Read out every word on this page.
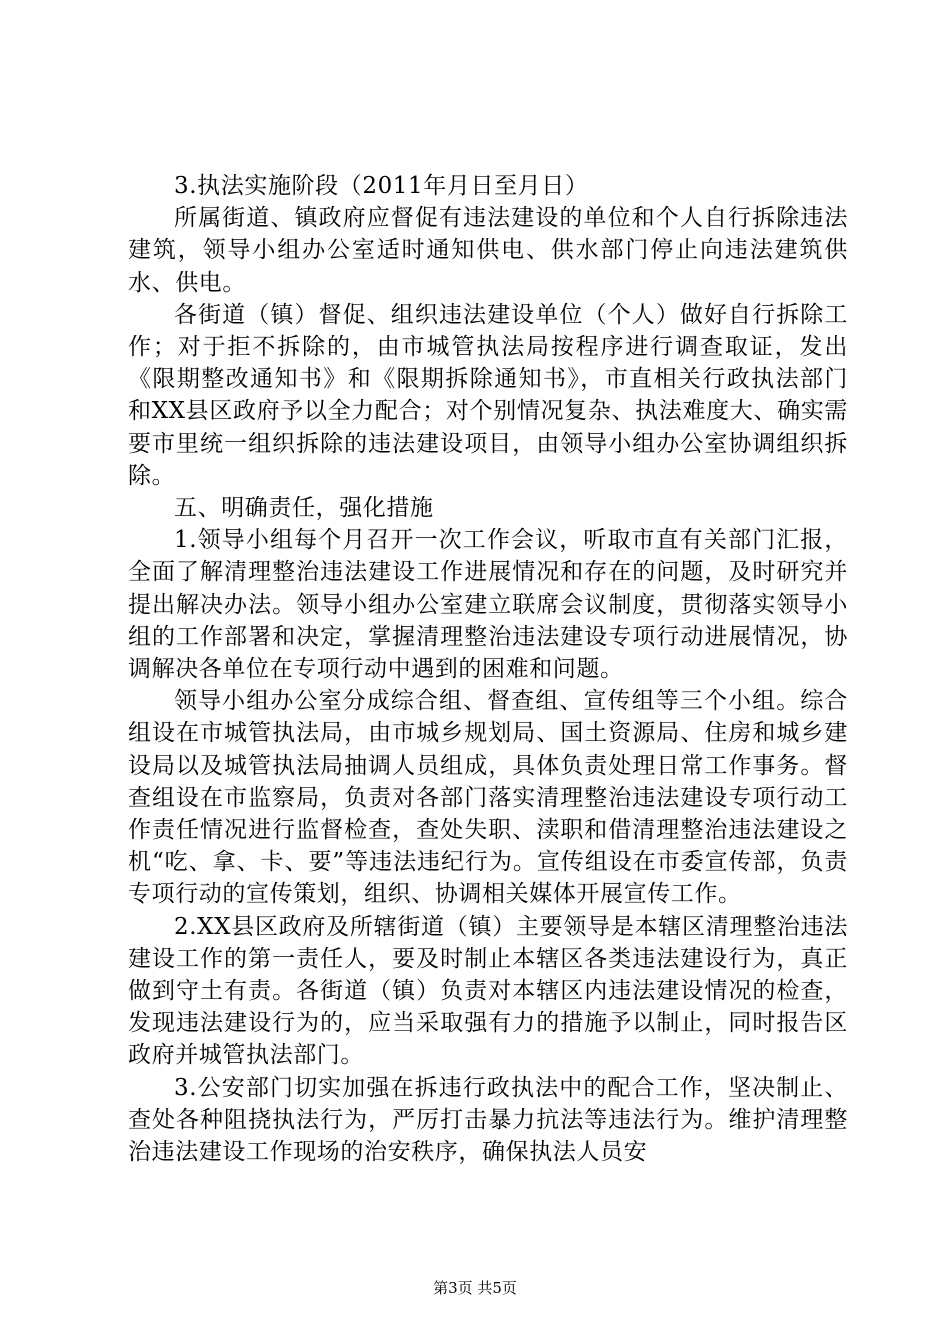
3.执法实施阶段（2011年月日至月日）

所属街道、镇政府应督促有违法建设的单位和个人自行拆除违法建筑，领导小组办公室适时通知供电、供水部门停止向违法建筑供水、供电。

各街道（镇）督促、组织违法建设单位（个人）做好自行拆除工作；对于拒不拆除的，由市城管执法局按程序进行调查取证，发出《限期整改通知书》和《限期拆除通知书》，市直相关行政执法部门和XX县区政府予以全力配合；对个别情况复杂、执法难度大、确实需要市里统一组织拆除的违法建设项目，由领导小组办公室协调组织拆除。

五、明确责任，强化措施

1.领导小组每个月召开一次工作会议，听取市直有关部门汇报，全面了解清理整治违法建设工作进展情况和存在的问题，及时研究并提出解决办法。领导小组办公室建立联席会议制度，贯彻落实领导小组的工作部署和决定，掌握清理整治违法建设专项行动进展情况，协调解决各单位在专项行动中遇到的困难和问题。

领导小组办公室分成综合组、督查组、宣传组等三个小组。综合组设在市城管执法局，由市城乡规划局、国土资源局、住房和城乡建设局以及城管执法局抽调人员组成，具体负责处理日常工作事务。督查组设在市监察局，负责对各部门落实清理整治违法建设专项行动工作责任情况进行监督检查，查处失职、渎职和借清理整治违法建设之机“吃、拿、卡、要”等违法违纪行为。宣传组设在市委宣传部，负责专项行动的宣传策划，组织、协调相关媒体开展宣传工作。

2.XX县区政府及所辖街道（镇）主要领导是本辖区清理整治违法建设工作的第一责任人，要及时制止本辖区各类违法建设行为，真正做到守土有责。各街道（镇）负责对本辖区内违法建设情况的检查，发现违法建设行为的，应当采取强有力的措施予以制止，同时报告区政府并城管执法部门。

3.公安部门切实加强在拆违行政执法中的配合工作，坚决制止、查处各种阻挠执法行为，严厉打击暴力抗法等违法行为。维护清理整治违法建设工作现场的治安秩序，确保执法人员安

第3页 共5页
